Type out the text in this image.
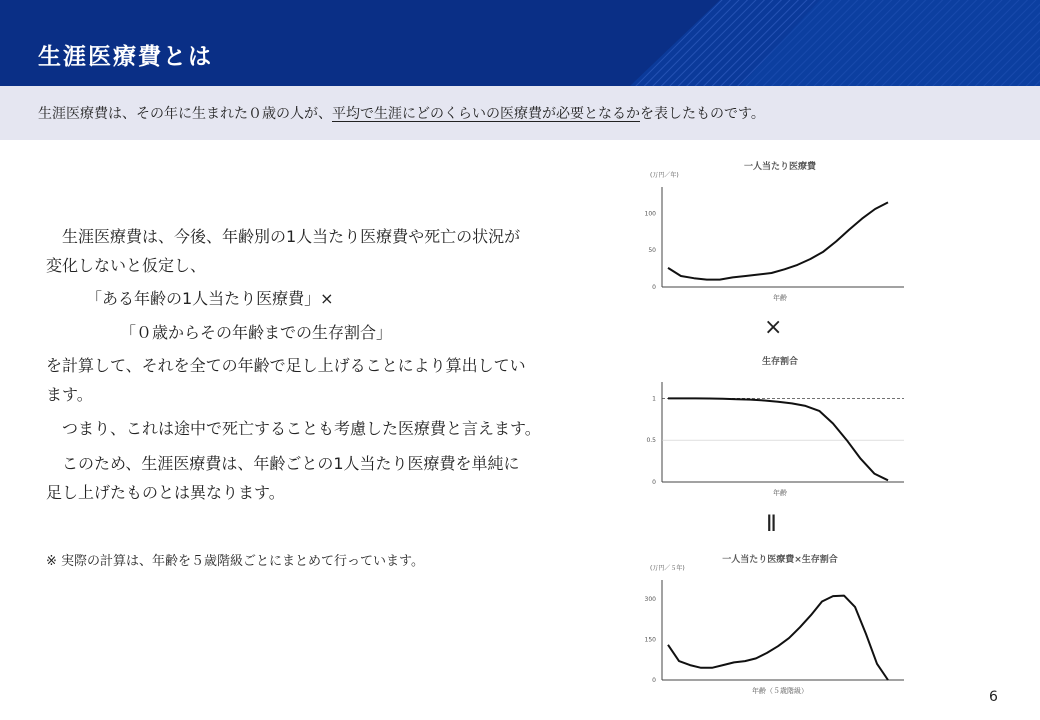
生涯医療費とは
生涯医療費は、その年に生まれた０歳の人が、平均で生涯にどのくらいの医療費が必要となるかを表したものです。
　生涯医療費は、今後、年齢別の1人当たり医療費や死亡の状況が
変化しないと仮定し、
「ある年齢の1人当たり医療費」×
「０歳からその年齢までの生存割合」
を計算して、それを全ての年齢で足し上げることにより算出してい
ます。
　つまり、これは途中で死亡することも考慮した医療費と言えます。
　このため、生涯医療費は、年齢ごとの1人当たり医療費を単純に
足し上げたものとは異なります。
※ 実際の計算は、年齢を５歳階級ごとにまとめて行っています。
一人当たり医療費
(万円／年)
100
50
0
年齢
×
生存割合
1
0.5
0
年齢
Ⅱ
一人当たり医療費×生存割合
(万円／５年)
300
150
0
年齢（５歳階級）	6
